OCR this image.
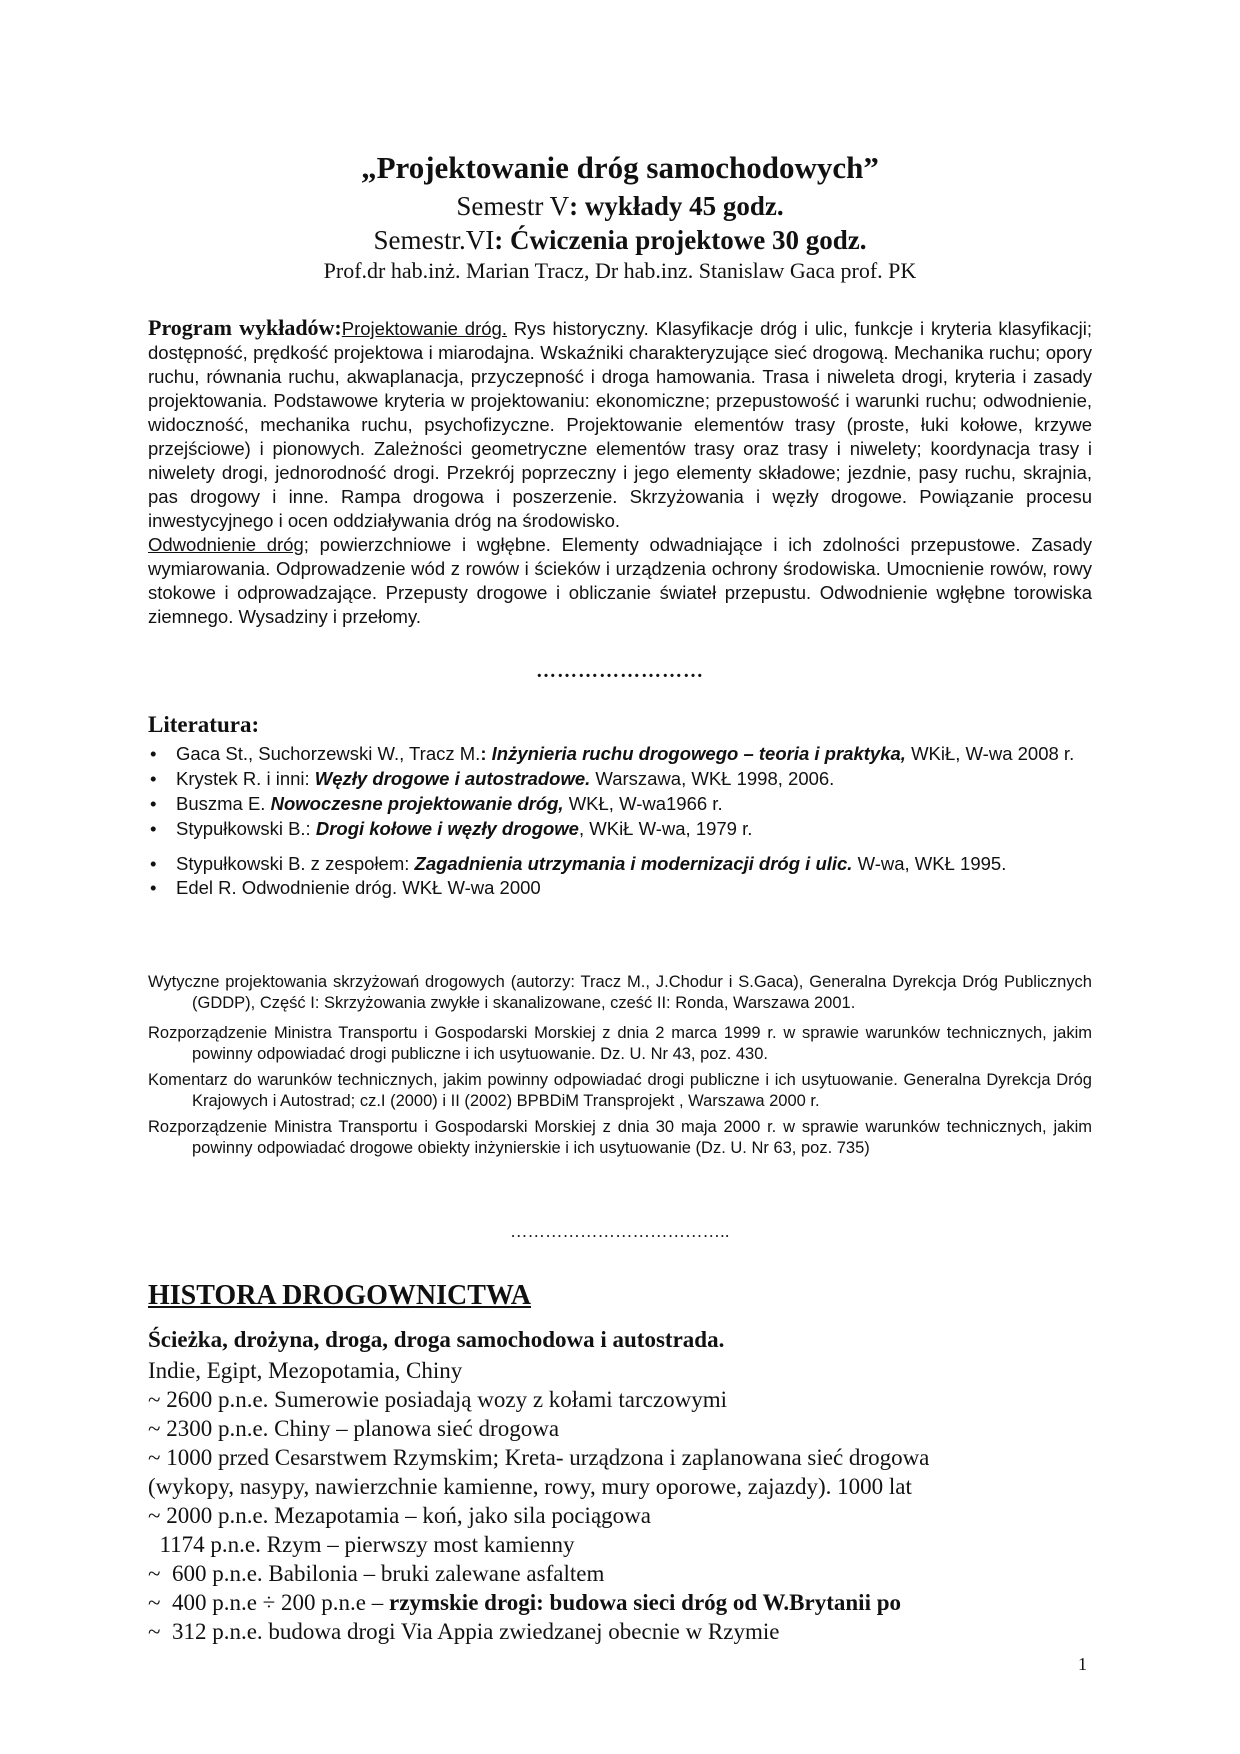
„Projektowanie dróg samochodowych”
Semestr V: wykłady 45 godz.
Semestr.VI: Ćwiczenia projektowe 30 godz.
Prof.dr hab.inż. Marian Tracz, Dr hab.inz. Stanislaw Gaca prof. PK
Program wykładów:Projektowanie dróg. Rys historyczny. Klasyfikacje dróg i ulic, funkcje i kryteria klasyfikacji; dostępność, prędkość projektowa i miarodajna. Wskaźniki charakteryzujące sieć drogową. Mechanika ruchu; opory ruchu, równania ruchu, akwaplanacja, przyczepność i droga hamowania. Trasa i niweleta drogi, kryteria i zasady projektowania. Podstawowe kryteria w projektowaniu: ekonomiczne; przepustowość i warunki ruchu; odwodnienie, widoczność, mechanika ruchu, psychofizyczne. Projektowanie elementów trasy (proste, łuki kołowe, krzywe przejściowe) i pionowych. Zależności geometryczne elementów trasy oraz trasy i niwelety; koordynacja trasy i niwelety drogi, jednorodność drogi. Przekrój poprzeczny i jego elementy składowe; jezdnie, pasy ruchu, skrajnia, pas drogowy i inne. Rampa drogowa i poszerzenie. Skrzyżowania i węzły drogowe. Powiązanie procesu inwestycyjnego i ocen oddziaływania dróg na środowisko.
Odwodnienie dróg; powierzchniowe i wgłębne. Elementy odwadniające i ich zdolności przepustowe. Zasady wymiarowania. Odprowadzenie wód z rowów i ścieków i urządzenia ochrony środowiska. Umocnienie rowów, rowy stokowe i odprowadzające. Przepusty drogowe i obliczanie świateł przepustu. Odwodnienie wgłębne torowiska ziemnego. Wysadziny i przełomy.
……………………
Literatura:
• Gaca St., Suchorzewski W., Tracz M.: Inżynieria ruchu drogowego – teoria i praktyka, WKiŁ, W-wa 2008 r.
• Krystek R. i inni: Węzły drogowe i autostradowe. Warszawa, WKŁ 1998, 2006.
• Buszma E. Nowoczesne projektowanie dróg, WKŁ, W-wa1966 r.
• Stypułkowski B.: Drogi kołowe i węzły drogowe, WKiŁ W-wa, 1979 r.
• Stypułkowski B. z zespołem: Zagadnienia utrzymania i modernizacji dróg i ulic. W-wa, WKŁ 1995.
• Edel R. Odwodnienie dróg. WKŁ W-wa 2000
Wytyczne projektowania skrzyżowań drogowych (autorzy: Tracz M., J.Chodur i S.Gaca), Generalna Dyrekcja Dróg Publicznych (GDDP), Część I: Skrzyżowania zwykłe i skanalizowane, cześć II: Ronda, Warszawa 2001.
Rozporządzenie Ministra Transportu i Gospodarski Morskiej z dnia 2 marca 1999 r. w sprawie warunków technicznych, jakim powinny odpowiadać drogi publiczne i ich usytuowanie. Dz. U. Nr 43, poz. 430.
Komentarz do warunków technicznych, jakim powinny odpowiadać drogi publiczne i ich usytuowanie. Generalna Dyrekcja Dróg Krajowych i Autostrad; cz.I (2000) i II (2002) BPBDiM Transprojekt , Warszawa 2000 r.
Rozporządzenie Ministra Transportu i Gospodarski Morskiej z dnia 30 maja 2000 r. w sprawie warunków technicznych, jakim powinny odpowiadać drogowe obiekty inżynierskie i ich usytuowanie (Dz. U. Nr 63, poz. 735)
………………………………..
HISTORA DROGOWNICTWA
Ścieżka, drożyna, droga, droga samochodowa i autostrada.
Indie, Egipt, Mezopotamia, Chiny
~ 2600 p.n.e. Sumerowie posiadają wozy z kołami tarczowymi
~ 2300 p.n.e. Chiny – planowa sieć drogowa
~ 1000 przed Cesarstwem Rzymskim; Kreta- urządzona i zaplanowana sieć drogowa
(wykopy, nasypy, nawierzchnie kamienne, rowy, mury oporowe, zajazdy). 1000 lat
~ 2000 p.n.e. Mezapotamia – koń, jako sila pociągowa
1174 p.n.e. Rzym – pierwszy most kamienny
~  600 p.n.e. Babilonia – bruki zalewane asfaltem
~  400 p.n.e ÷ 200 p.n.e – rzymskie drogi: budowa sieci dróg od W.Brytanii po
~  312 p.n.e. budowa drogi Via Appia zwiedzanej obecnie w Rzymie
1
